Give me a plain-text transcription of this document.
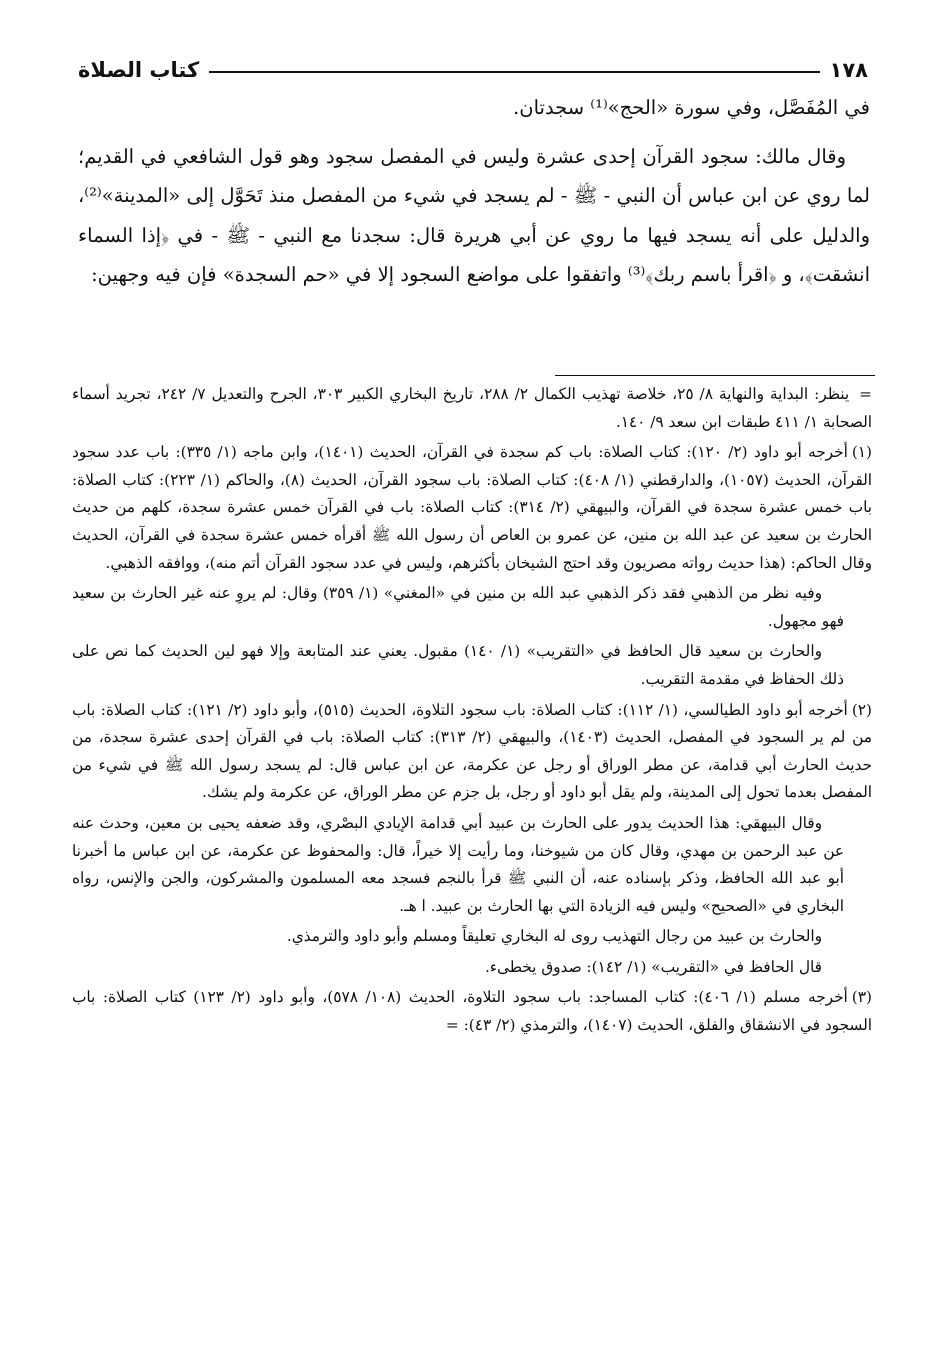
١٧٨
كتاب الصلاة

في المُفَصَّل، وفي سورة «الحج»⁽¹⁾ سجدتان.

وقال مالك: سجود القرآن إحدى عشرة وليس في المفصل سجود وهو قول الشافعي في القديم؛ لما روي عن ابن عباس أن النبي - ﷺ - لم يسجد في شيء من المفصل منذ تَحَوَّل إلى «المدينة»⁽²⁾، والدليل على أنه يسجد فيها ما روي عن أبي هريرة قال: سجدنا مع النبي - ﷺ - في ﴿إذا السماء انشقت﴾، و ﴿اقرأ باسم ربك﴾⁽³⁾ واتفقوا على مواضع السجود إلا في «حم السجدة» فإن فيه وجهين:

= ينظر: البداية والنهاية ٨/ ٢٥، خلاصة تهذيب الكمال ٢/ ٢٨٨، تاريخ البخاري الكبير ٣٠٣، الجرح والتعديل ٧/ ٢٤٢، تجريد أسماء الصحابة ١/ ٤١١ طبقات ابن سعد ٩/ ١٤٠.

(١)أخرجه أبو داود (٢/ ١٢٠): كتاب الصلاة: باب كم سجدة في القرآن، الحديث (١٤٠١)، وابن ماجه (١/ ٣٣٥): باب عدد سجود القرآن، الحديث (١٠٥٧)، والدارقطني (١/ ٤٠٨): كتاب الصلاة: باب سجود القرآن، الحديث (٨)، والحاكم (١/ ٢٢٣): كتاب الصلاة: باب خمس عشرة سجدة في القرآن، والبيهقي (٢/ ٣١٤): كتاب الصلاة: باب في القرآن خمس عشرة سجدة، كلهم من حديث الحارث بن سعيد عن عبد الله بن منين، عن عمرو بن العاص أن رسول الله ﷺ أقرأه خمس عشرة سجدة في القرآن، الحديث وقال الحاكم: (هذا حديث رواته مصريون وقد احتج الشيخان بأكثرهم، وليس في عدد سجود القرآن أتم منه)، ووافقه الذهبي.

وفيه نظر من الذهبي فقد ذكر الذهبي عبد الله بن منين في «المغني» (١/ ٣٥٩) وقال: لم يروِ عنه غير الحارث بن سعيد فهو مجهول.

والحارث بن سعيد قال الحافظ في «التقريب» (١/ ١٤٠) مقبول. يعني عند المتابعة وإلا فهو لين الحديث كما نص على ذلك الحفاظ في مقدمة التقريب.

(٢)أخرجه أبو داود الطيالسي، (١/ ١١٢): كتاب الصلاة: باب سجود التلاوة، الحديث (٥١٥)، وأبو داود (٢/ ١٢١): كتاب الصلاة: باب من لم ير السجود في المفصل، الحديث (١٤٠٣)، والبيهقي (٢/ ٣١٣): كتاب الصلاة: باب في القرآن إحدى عشرة سجدة، من حديث الحارث أبي قدامة، عن مطر الوراق أو رجل عن عكرمة، عن ابن عباس قال: لم يسجد رسول الله ﷺ في شيء من المفصل بعدما تحول إلى المدينة، ولم يقل أبو داود أو رجل، بل جزم عن مطر الوراق، عن عكرمة ولم يشك.

وقال البيهقي: هذا الحديث يدور على الحارث بن عبيد أبي قدامة الإيادي البصْري، وقد ضعفه يحيى بن معين، وحدث عنه عن عبد الرحمن بن مهدي، وقال كان من شيوخنا، وما رأيت إلا خيراً، قال: والمحفوظ عن عكرمة، عن ابن عباس ما أخبرنا أبو عبد الله الحافظ، وذكر بإسناده عنه، أن النبي ﷺ قرأ بالنجم فسجد معه المسلمون والمشركون، والجن والإنس، رواه البخاري في «الصحيح» وليس فيه الزيادة التي بها الحارث بن عبيد. ا هـ.

والحارث بن عبيد من رجال التهذيب روى له البخاري تعليقاً ومسلم وأبو داود والترمذي.

قال الحافظ في «التقريب» (١/ ١٤٢): صدوق يخطىء.

(٣)أخرجه مسلم (١/ ٤٠٦): كتاب المساجد: باب سجود التلاوة، الحديث (١٠٨/ ٥٧٨)، وأبو داود (٢/ ١٢٣) كتاب الصلاة: باب السجود في الانشقاق والفلق، الحديث (١٤٠٧)، والترمذي (٢/ ٤٣): =
